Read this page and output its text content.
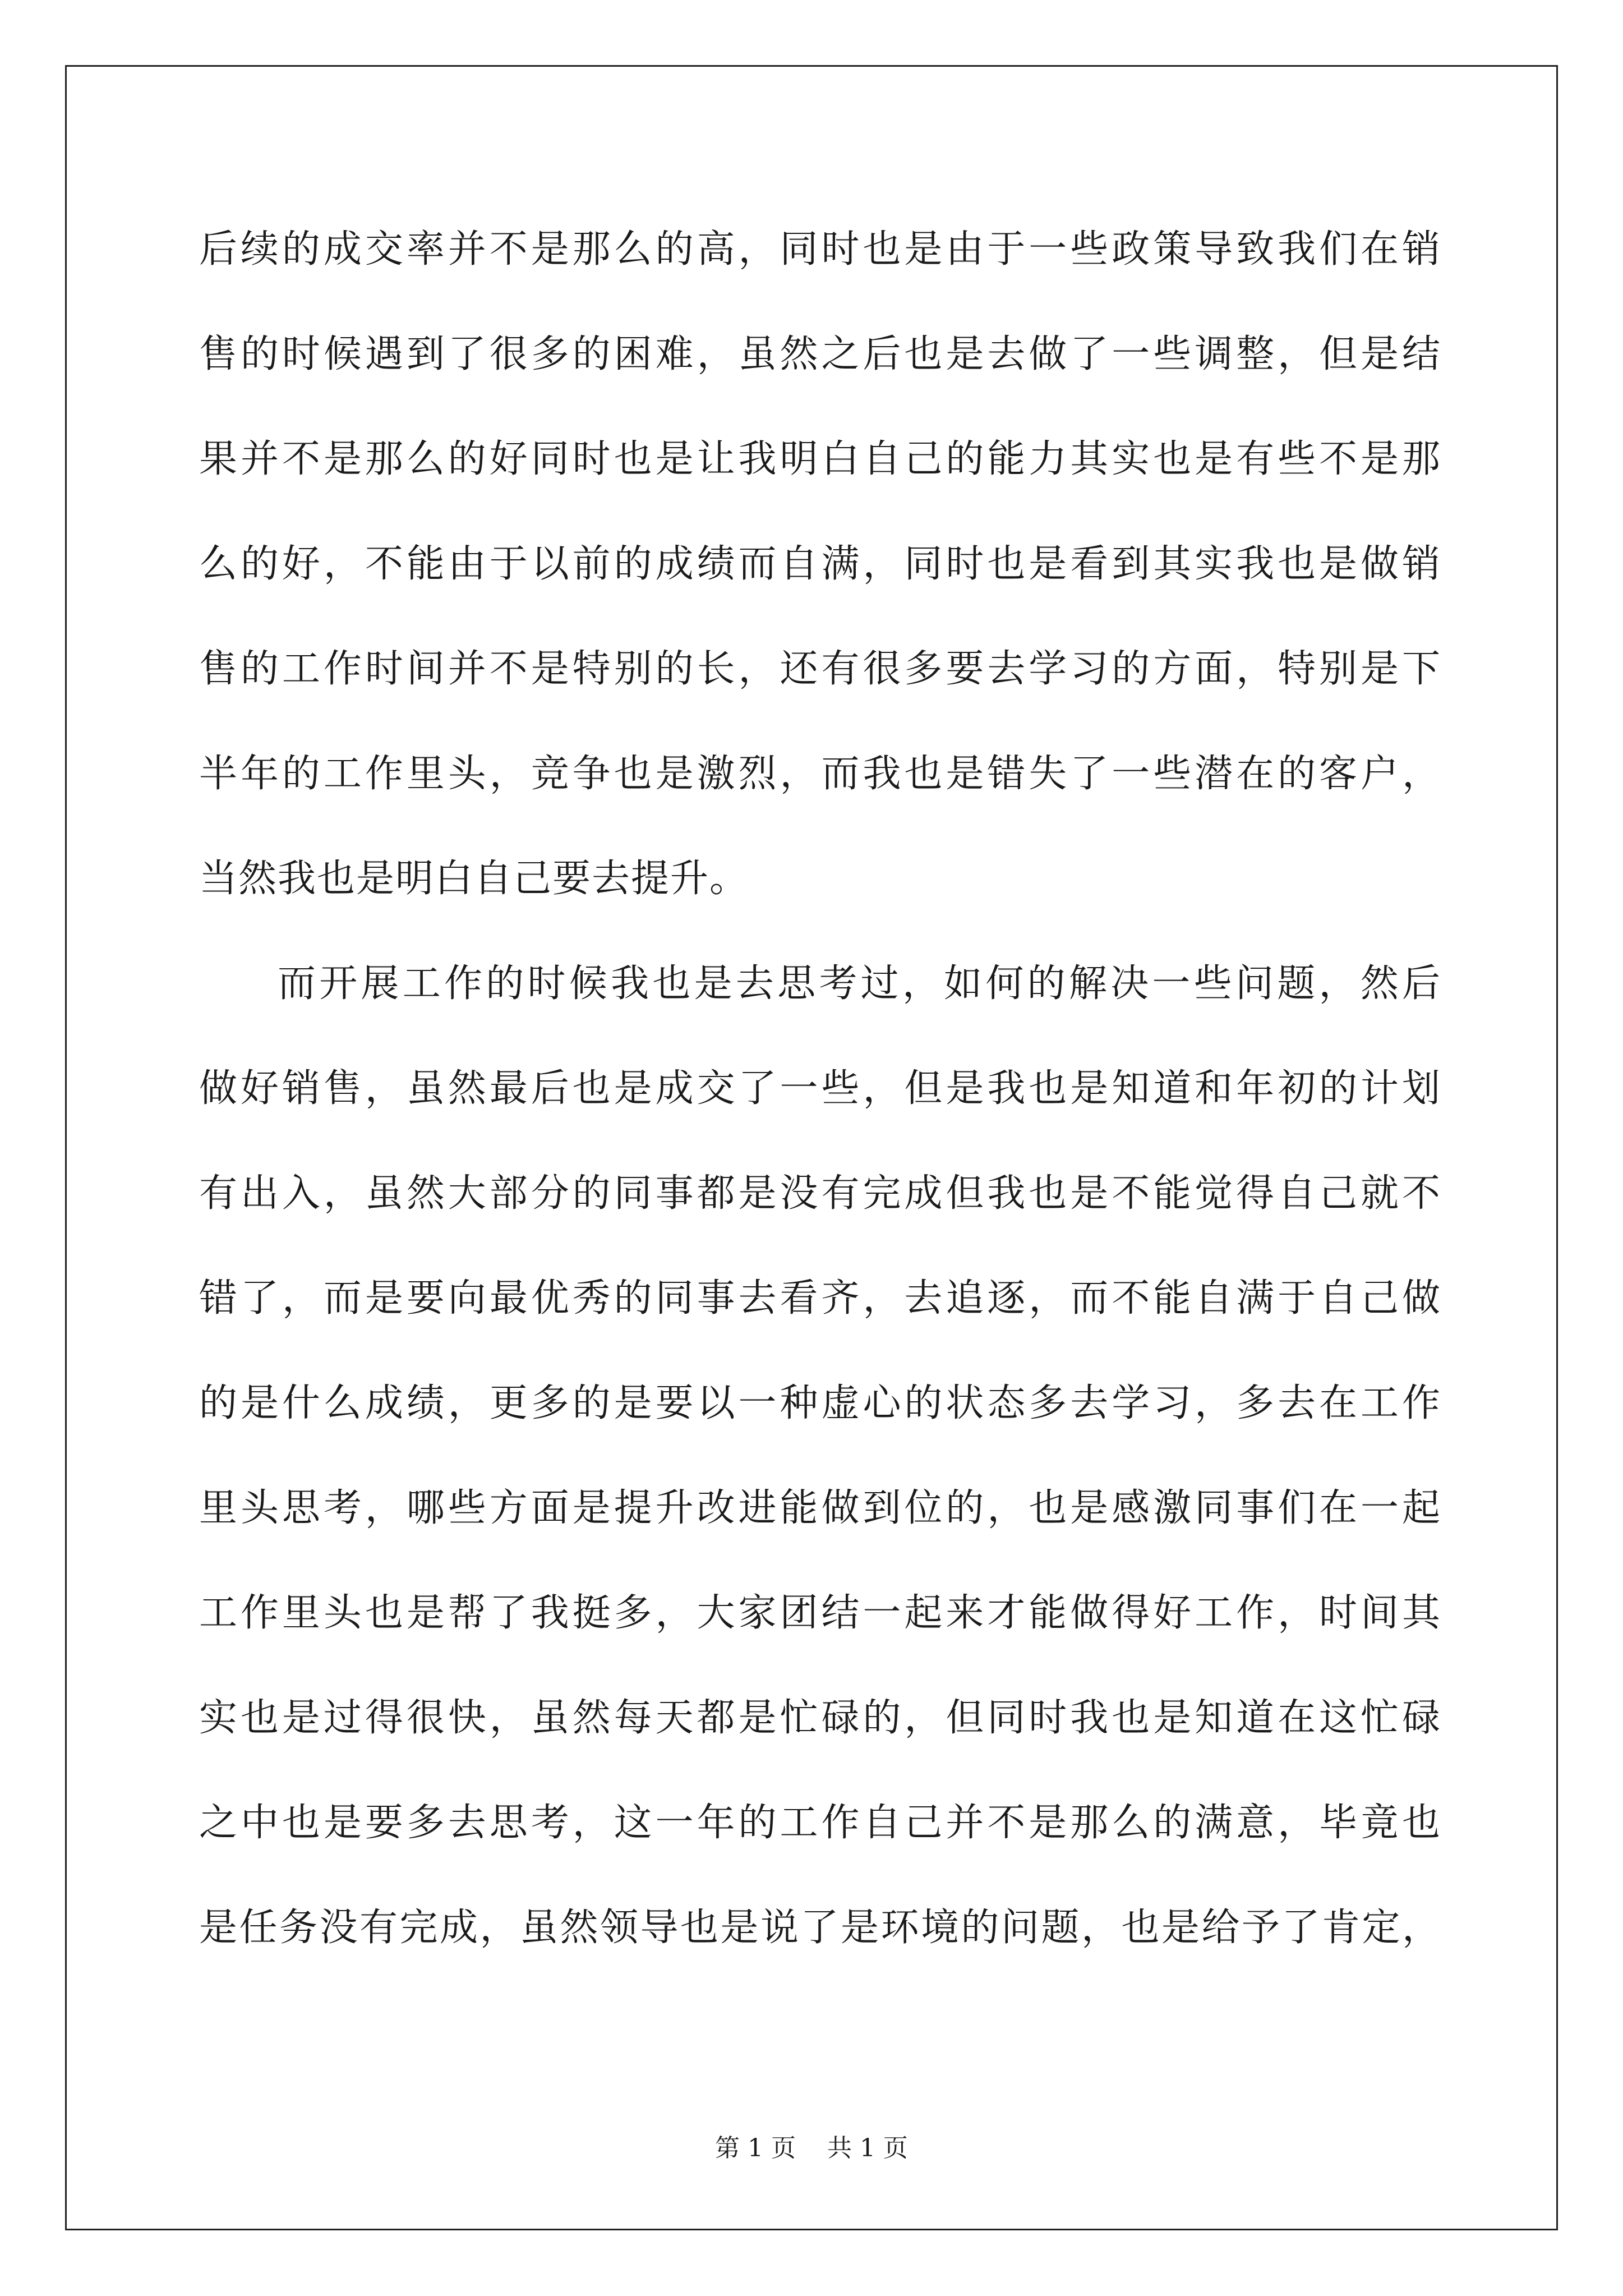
后续的成交率并不是那么的高，同时也是由于一些政策导致我们在销
售的时候遇到了很多的困难，虽然之后也是去做了一些调整，但是结
果并不是那么的好同时也是让我明白自己的能力其实也是有些不是那
么的好，不能由于以前的成绩而自满，同时也是看到其实我也是做销
售的工作时间并不是特别的长，还有很多要去学习的方面，特别是下
半年的工作里头，竞争也是激烈，而我也是错失了一些潜在的客户，
当然我也是明白自己要去提升。
而开展工作的时候我也是去思考过，如何的解决一些问题，然后
做好销售，虽然最后也是成交了一些，但是我也是知道和年初的计划
有出入，虽然大部分的同事都是没有完成但我也是不能觉得自己就不
错了，而是要向最优秀的同事去看齐，去追逐，而不能自满于自己做
的是什么成绩，更多的是要以一种虚心的状态多去学习，多去在工作
里头思考，哪些方面是提升改进能做到位的，也是感激同事们在一起
工作里头也是帮了我挺多，大家团结一起来才能做得好工作，时间其
实也是过得很快，虽然每天都是忙碌的，但同时我也是知道在这忙碌
之中也是要多去思考，这一年的工作自己并不是那么的满意，毕竟也
是任务没有完成，虽然领导也是说了是环境的问题，也是给予了肯定，
第 1 页    共 1 页
